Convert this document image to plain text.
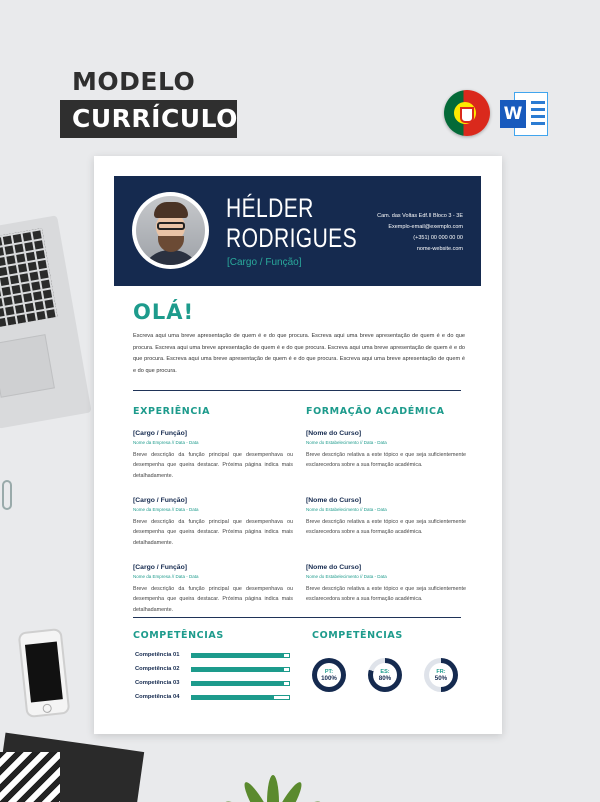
MODELO
CURRÍCULO	W
HÉLDER
RODRIGUES
[Cargo / Função]
Cam. das Voltas Edf.II Bloco 3 - 3E
Exemplo-email@exemplo.com
(+351) 00 000 00 00
nome-website.com
OLÁ!
Escreva aqui uma breve apresentação de quem é e do que procura. Escreva aqui uma breve apresentação de quem é e do que procura. Escreva aqui uma breve apresentação de quem é e do que procura. Escreva aqui uma breve apresentação de quem é e do que procura. Escreva aqui uma breve apresentação de quem é e do que procura. Escreva aqui uma breve apresentação de quem é e do que procura.
EXPERIÊNCIA	FORMAÇÃO ACADÉMICA
[Cargo / Função]
Nome da Empresa // Data - Data
Breve descrição da função principal que desempenhava ou desempenha que queira destacar. Próxima página indica mais detalhadamente.
[Cargo / Função]
Nome da Empresa // Data - Data
Breve descrição da função principal que desempenhava ou desempenha que queira destacar. Próxima página indica mais detalhadamente.
[Cargo / Função]
Nome da Empresa // Data - Data
Breve descrição da função principal que desempenhava ou desempenha que queira destacar. Próxima página indica mais detalhadamente.
[Nome do Curso]
Nome do Estabelecimento // Data - Data
Breve descrição relativa a este tópico e que seja suficientemente esclarecedora sobre a sua formação académica.
[Nome do Curso]
Nome do Estabelecimento // Data - Data
Breve descrição relativa a este tópico e que seja suficientemente esclarecedora sobre a sua formação académica.
[Nome do Curso]
Nome do Estabelecimento // Data - Data
Breve descrição relativa a este tópico e que seja suficientemente esclarecedora sobre a sua formação académica.
COMPETÊNCIAS	COMPETÊNCIAS
Competência 01
Competência 02
Competência 03
Competência 04
PT:
100%
ES:
80%
FR:
50%
